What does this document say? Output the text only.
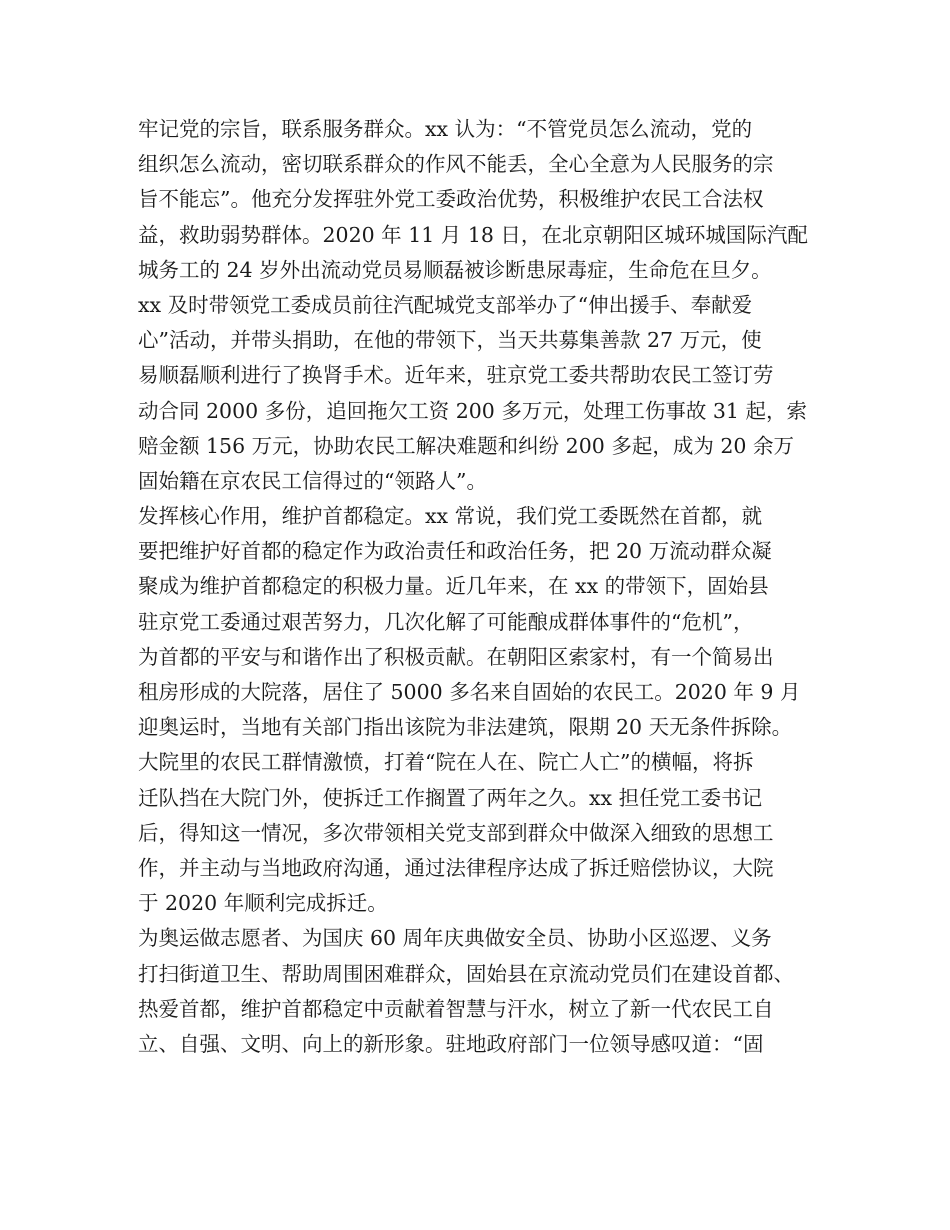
牢记党的宗旨，联系服务群众。xx 认为：“不管党员怎么流动，党的
组织怎么流动，密切联系群众的作风不能丢，全心全意为人民服务的宗
旨不能忘”。他充分发挥驻外党工委政治优势，积极维护农民工合法权
益，救助弱势群体。2020 年 11 月 18 日，在北京朝阳区城环城国际汽配
城务工的 24 岁外出流动党员易顺磊被诊断患尿毒症，生命危在旦夕。
xx 及时带领党工委成员前往汽配城党支部举办了“伸出援手、奉献爱
心”活动，并带头捐助，在他的带领下，当天共募集善款 27 万元，使
易顺磊顺利进行了换肾手术。近年来，驻京党工委共帮助农民工签订劳
动合同 2000 多份，追回拖欠工资 200 多万元，处理工伤事故 31 起，索
赔金额 156 万元，协助农民工解决难题和纠纷 200 多起，成为 20 余万
固始籍在京农民工信得过的“领路人”。
发挥核心作用，维护首都稳定。xx 常说，我们党工委既然在首都，就
要把维护好首都的稳定作为政治责任和政治任务，把 20 万流动群众凝
聚成为维护首都稳定的积极力量。近几年来，在 xx 的带领下，固始县
驻京党工委通过艰苦努力，几次化解了可能酿成群体事件的“危机”，
为首都的平安与和谐作出了积极贡献。在朝阳区索家村，有一个简易出
租房形成的大院落，居住了 5000 多名来自固始的农民工。2020 年 9 月
迎奥运时，当地有关部门指出该院为非法建筑，限期 20 天无条件拆除。
大院里的农民工群情激愤，打着“院在人在、院亡人亡”的横幅，将拆
迁队挡在大院门外，使拆迁工作搁置了两年之久。xx 担任党工委书记
后，得知这一情况，多次带领相关党支部到群众中做深入细致的思想工
作，并主动与当地政府沟通，通过法律程序达成了拆迁赔偿协议，大院
于 2020 年顺利完成拆迁。
为奥运做志愿者、为国庆 60 周年庆典做安全员、协助小区巡逻、义务
打扫街道卫生、帮助周围困难群众，固始县在京流动党员们在建设首都、
热爱首都，维护首都稳定中贡献着智慧与汗水，树立了新一代农民工自
立、自强、文明、向上的新形象。驻地政府部门一位领导感叹道：“固
